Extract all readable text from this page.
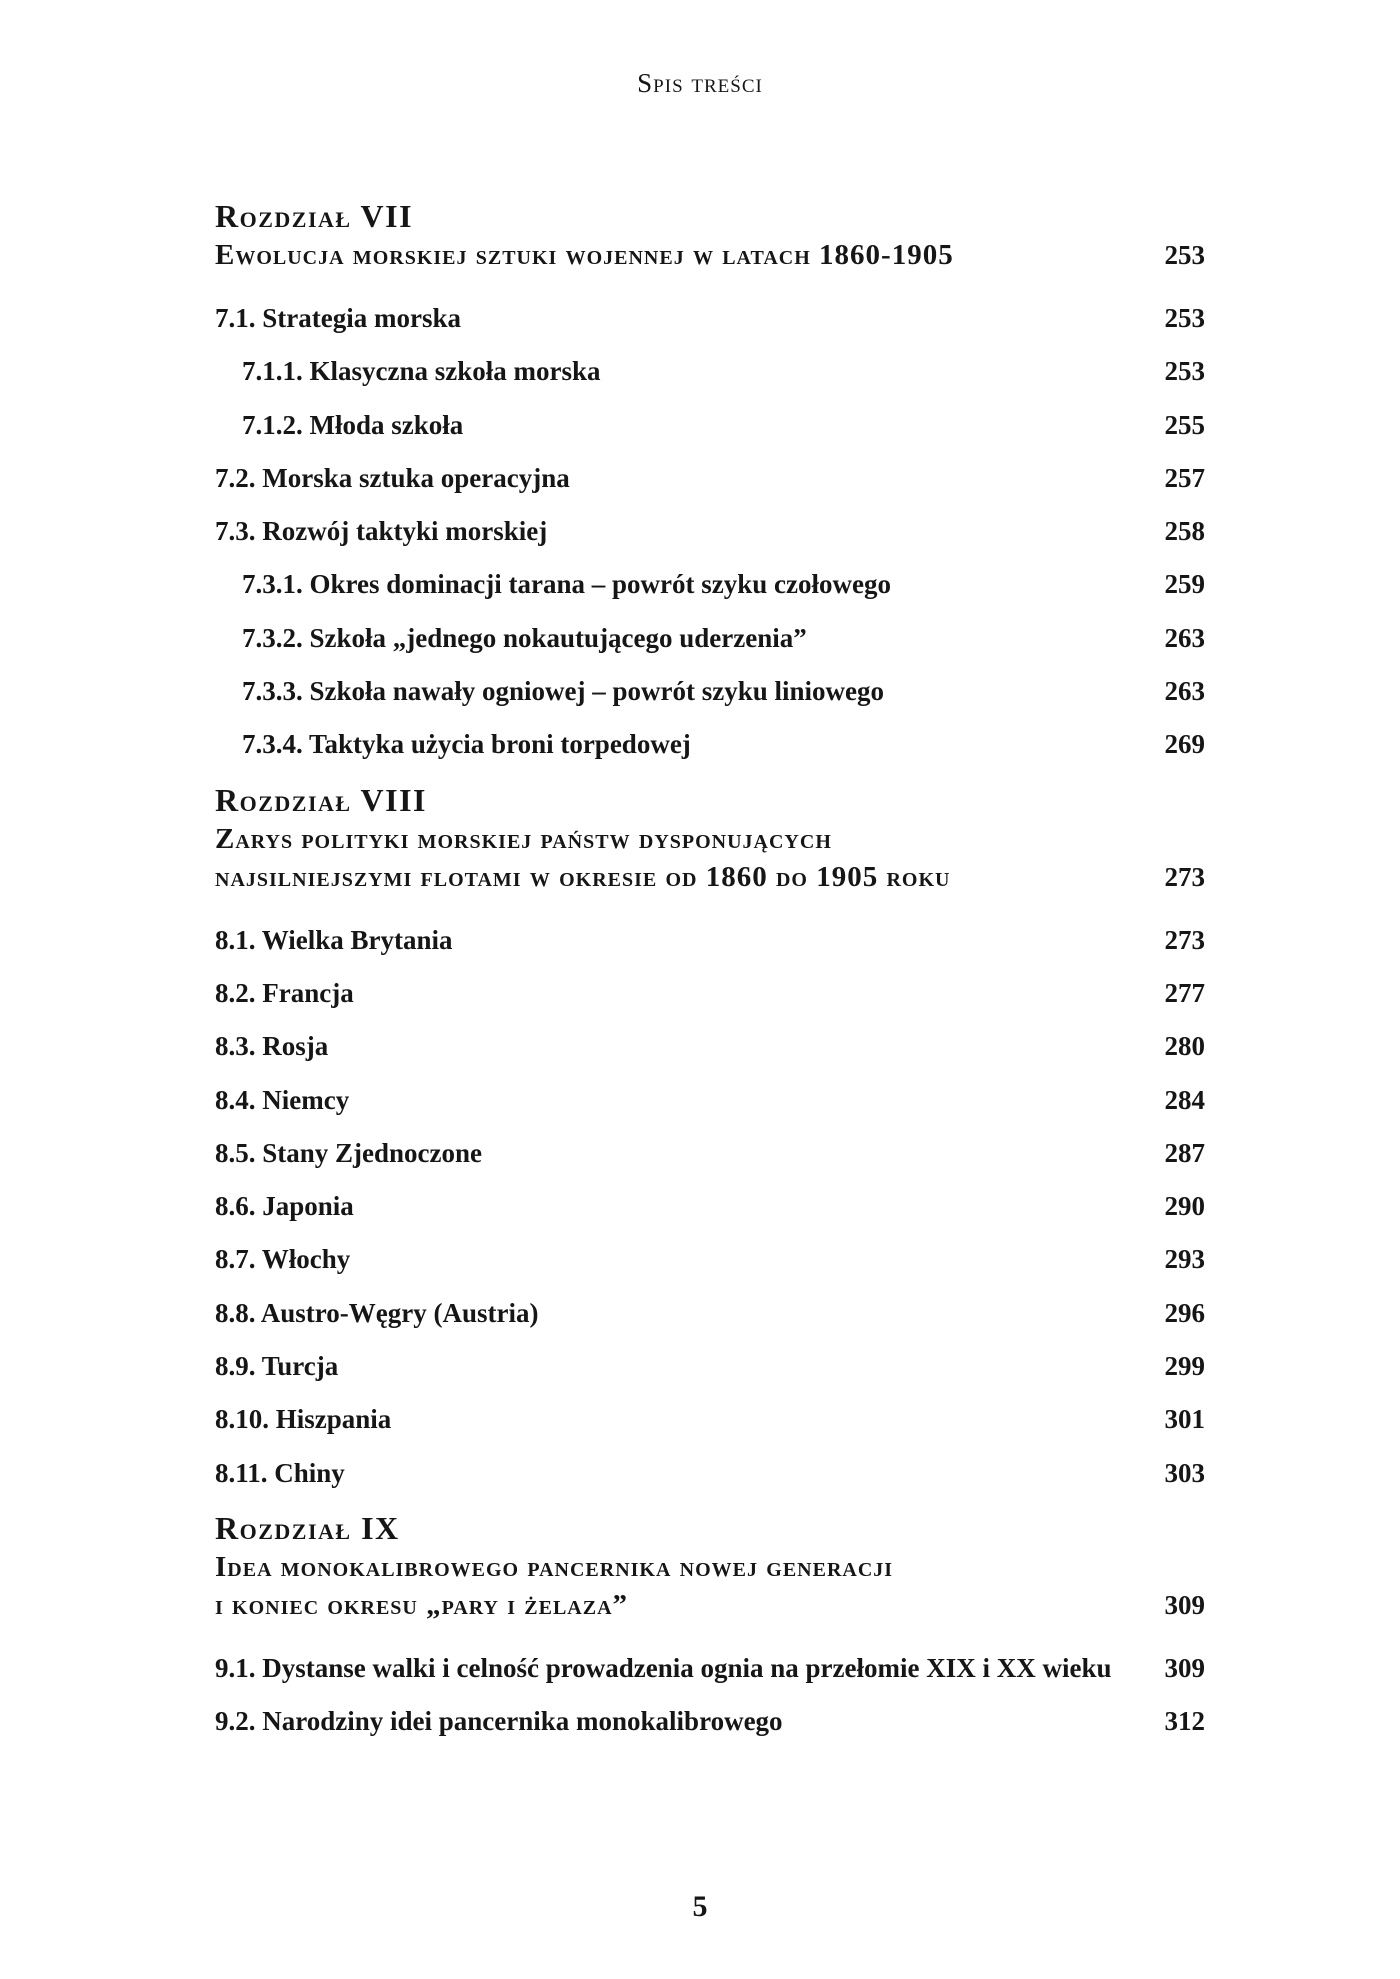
Spis treści
Rozdział VII
Ewolucja morskiej sztuki wojennej w latach 1860-1905	253
7.1. Strategia morska	253
7.1.1. Klasyczna szkoła morska	253
7.1.2. Młoda szkoła	255
7.2. Morska sztuka operacyjna	257
7.3. Rozwój taktyki morskiej	258
7.3.1. Okres dominacji tarana – powrót szyku czołowego	259
7.3.2. Szkoła „jednego nokautującego uderzenia”	263
7.3.3. Szkoła nawały ogniowej – powrót szyku liniowego	263
7.3.4. Taktyka użycia broni torpedowej	269
Rozdział VIII
Zarys polityki morskiej państw dysponujących
najsilniejszymi flotami w okresie od 1860 do 1905 roku	273
8.1. Wielka Brytania	273
8.2. Francja	277
8.3. Rosja	280
8.4. Niemcy	284
8.5. Stany Zjednoczone	287
8.6. Japonia	290
8.7. Włochy	293
8.8. Austro-Węgry (Austria)	296
8.9. Turcja	299
8.10. Hiszpania	301
8.11. Chiny	303
Rozdział IX
Idea monokalibrowego pancernika nowej generacji
i koniec okresu „pary i żelaza”	309
9.1. Dystanse walki i celność prowadzenia ognia na przełomie XIX i XX wieku	309
9.2. Narodziny idei pancernika monokalibrowego	312
5
